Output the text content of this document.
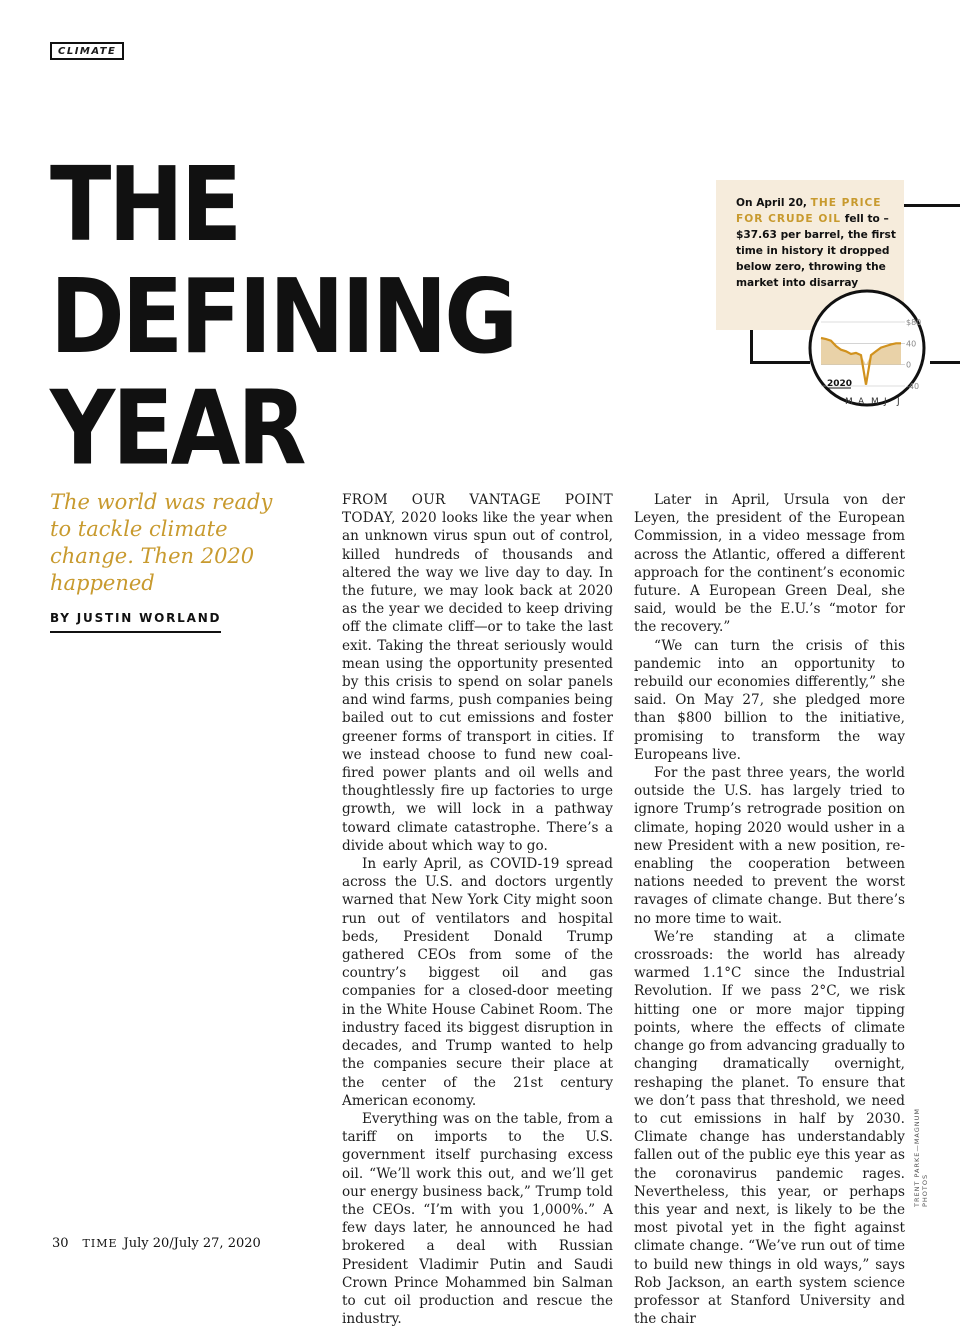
CLIMATE
THE
DEFINING
YEAR
The world was ready to tackle climate change. Then 2020 happened
BY JUSTIN WORLAND
On April 20, THE PRICE FOR CRUDE OIL fell to –$37.63 per barrel, the first time in history it dropped below zero, throwing the market into disarray
$80
40
0
-40
2020
M A M J J

FROM OUR VANTAGE POINT TODAY, 2020 looks like the year when an unknown virus spun out of control, killed hundreds of thousands and altered the way we live day to day. In the future, we may look back at 2020 as the year we decided to keep driving off the climate cliff—or to take the last exit. Taking the threat seriously would mean using the opportunity presented by this crisis to spend on solar panels and wind farms, push companies being bailed out to cut emissions and foster greener forms of transport in cities. If we instead choose to fund new coal-fired power plants and oil wells and thoughtlessly fire up factories to urge growth, we will lock in a pathway toward climate catastrophe. There’s a divide about which way to go.

In early April, as COVID-19 spread across the U.S. and doctors urgently warned that New York City might soon run out of ventilators and hospital beds, President Donald Trump gathered CEOs from some of the country’s biggest oil and gas companies for a closed-door meeting in the White House Cabinet Room. The industry faced its biggest disruption in decades, and Trump wanted to help the companies secure their place at the center of the 21st century American economy.

Everything was on the table, from a tariff on imports to the U.S. government itself purchasing excess oil. “We’ll work this out, and we’ll get our energy business back,” Trump told the CEOs. “I’m with you 1,000%.” A few days later, he announced he had brokered a deal with Russian President Vladimir Putin and Saudi Crown Prince Mohammed bin Salman to cut oil production and rescue the industry.

Later in April, Ursula von der Leyen, the president of the European Commission, in a video message from across the Atlantic, offered a different approach for the continent’s economic future. A European Green Deal, she said, would be the E.U.’s “motor for the recovery.”

“We can turn the crisis of this pandemic into an opportunity to rebuild our economies differently,” she said. On May 27, she pledged more than $800 billion to the initiative, promising to transform the way Europeans live.

For the past three years, the world outside the U.S. has largely tried to ignore Trump’s retrograde position on climate, hoping 2020 would usher in a new President with a new position, re-enabling the cooperation between nations needed to prevent the worst ravages of climate change. But there’s no more time to wait.

We’re standing at a climate crossroads: the world has already warmed 1.1°C since the Industrial Revolution. If we pass 2°C, we risk hitting one or more major tipping points, where the effects of climate change go from advancing gradually to changing dramatically overnight, reshaping the planet. To ensure that we don’t pass that threshold, we need to cut emissions in half by 2030. Climate change has understandably fallen out of the public eye this year as the coronavirus pandemic rages. Nevertheless, this year, or perhaps this year and next, is likely to be the most pivotal yet in the fight against climate change. “We’ve run out of time to build new things in old ways,” says Rob Jackson, an earth system science professor at Stanford University and the chair

TRENT PARKE—MAGNUM PHOTOS
30 TIME July 20/July 27, 2020
